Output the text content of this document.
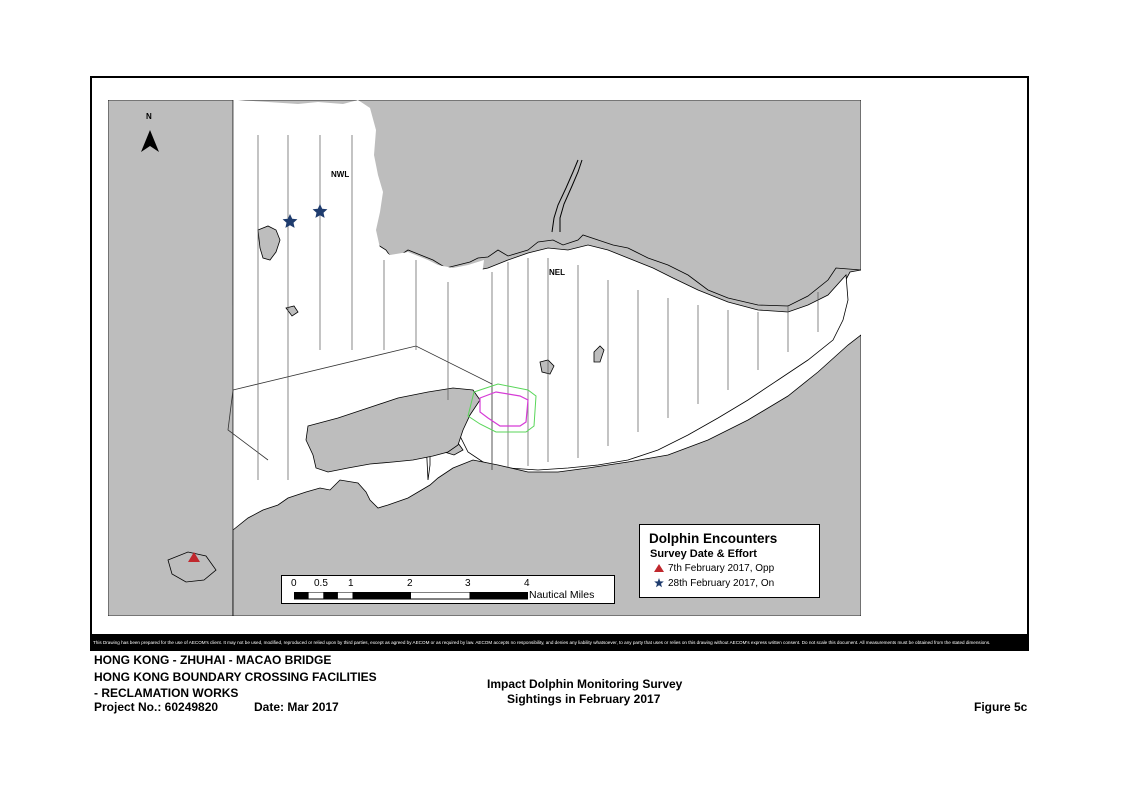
N
NWL
NEL
0 0.5 1	2	3	4
Nautical Miles
Dolphin Encounters
Survey Date & Effort
7th February 2017, Opp
28th February 2017, On
This Drawing has been prepared for the use of AECOM's client. It may not be used, modified, reproduced or relied upon by third parties, except as agreed by AECOM or as required by law. AECOM accepts no responsibility, and denies any liability whatsoever, to any party that uses or relies on this drawing without AECOM's express written consent. Do not scale this document. All measurements must be obtained from the stated dimensions.
HONG KONG - ZHUHAI - MACAO BRIDGE
HONG KONG BOUNDARY CROSSING FACILITIES
- RECLAMATION WORKS
Project No.: 60249820	Date: Mar 2017
Impact Dolphin Monitoring Survey
Sightings in February 2017
Figure 5c
